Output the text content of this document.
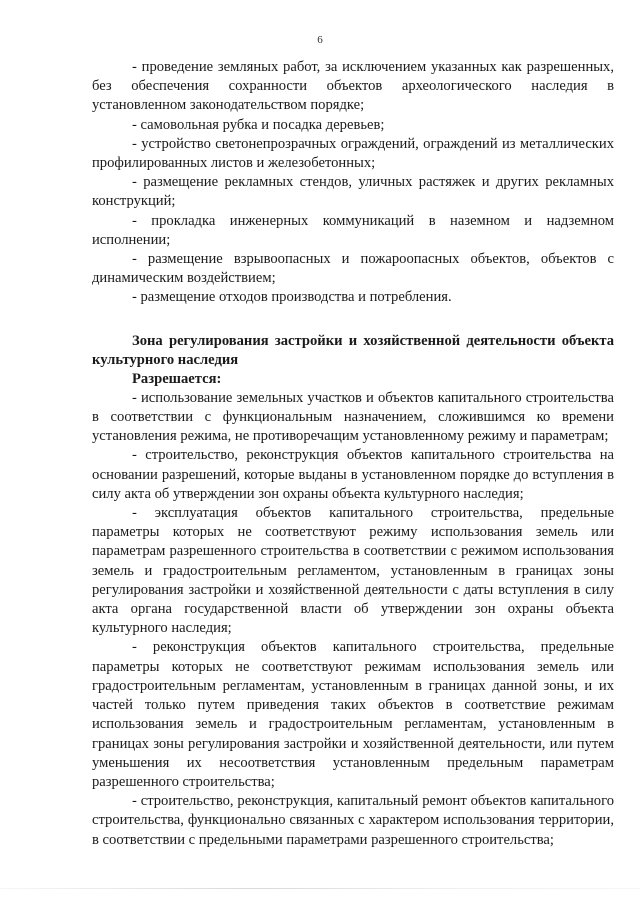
6

- проведение земляных работ, за исключением указанных как разрешенных, без обеспечения сохранности объектов археологического наследия в установленном законодательством порядке;

- самовольная рубка и посадка деревьев;

- устройство светонепрозрачных ограждений, ограждений из металлических профилированных листов и железобетонных;

- размещение рекламных стендов, уличных растяжек и других рекламных конструкций;

- прокладка инженерных коммуникаций в наземном и надземном исполнении;

- размещение взрывоопасных и пожароопасных объектов, объектов с динамическим воздействием;

- размещение отходов производства и потребления.

Зона регулирования застройки и хозяйственной деятельности объекта культурного наследия

Разрешается:

- использование земельных участков и объектов капитального строительства в соответствии с функциональным назначением, сложившимся ко времени установления режима, не противоречащим установленному режиму и параметрам;

- строительство, реконструкция объектов капитального строительства на основании разрешений, которые выданы в установленном порядке до вступления в силу акта об утверждении зон охраны объекта культурного наследия;

- эксплуатация объектов капитального строительства, предельные параметры которых не соответствуют режиму использования земель или параметрам разрешенного строительства в соответствии с режимом использования земель и градостроительным регламентом, установленным в границах зоны регулирования застройки и хозяйственной деятельности с даты вступления в силу акта органа государственной власти об утверждении зон охраны объекта культурного наследия;

- реконструкция объектов капитального строительства, предельные параметры которых не соответствуют режимам использования земель или градостроительным регламентам, установленным в границах данной зоны, и их частей только путем приведения таких объектов в соответствие режимам использования земель и градостроительным регламентам, установленным в границах зоны регулирования застройки и хозяйственной деятельности, или путем уменьшения их несоответствия установленным предельным параметрам разрешенного строительства;

- строительство, реконструкция, капитальный ремонт объектов капитального строительства, функционально связанных с характером использования территории, в соответствии с предельными параметрами разрешенного строительства;
